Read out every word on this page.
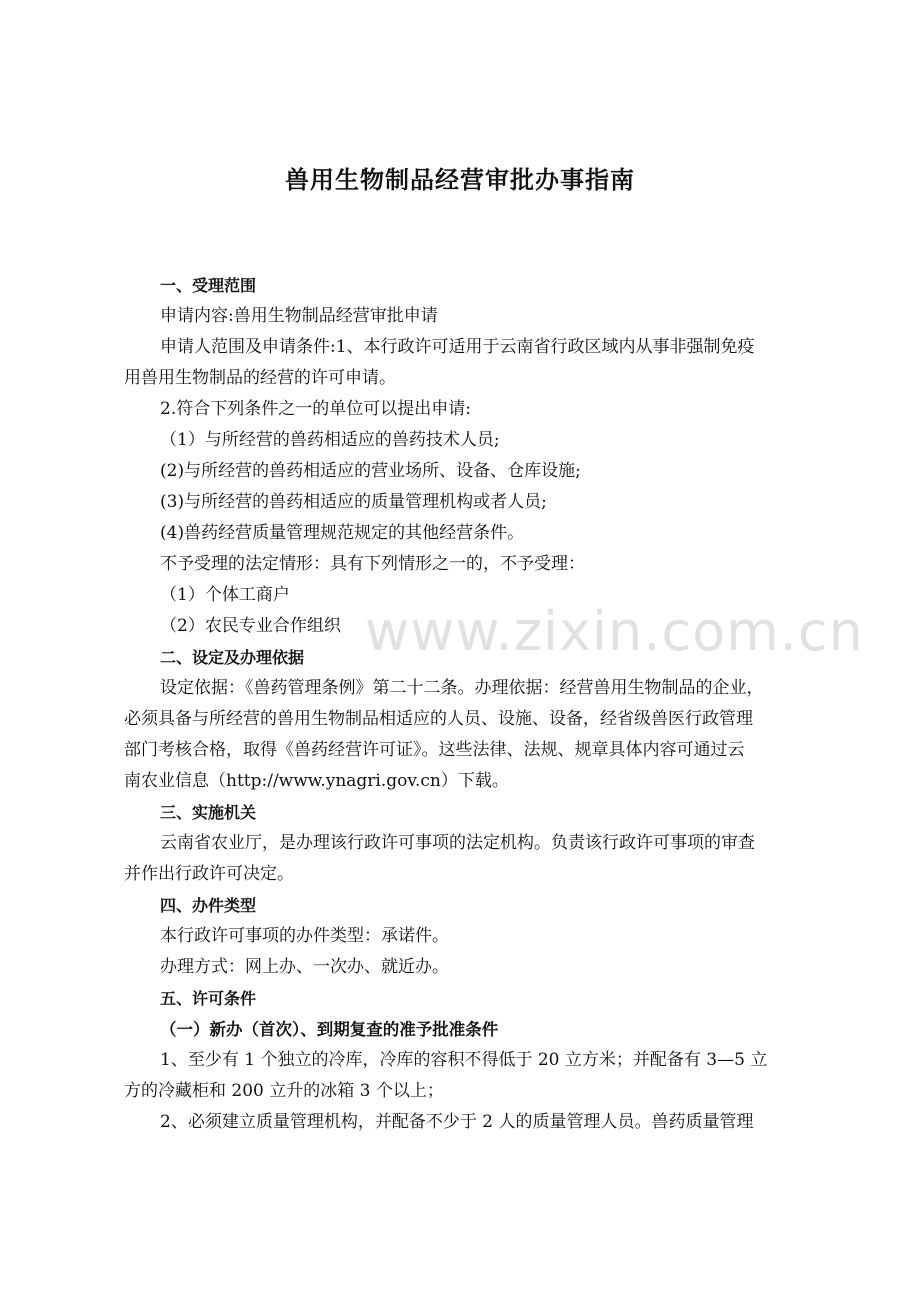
兽用生物制品经营审批办事指南
www.zixin.com.cn
一、受理范围
申请内容:兽用生物制品经营审批申请
申请人范围及申请条件:1、本行政许可适用于云南省行政区域内从事非强制免疫
用兽用生物制品的经营的许可申请。
2.符合下列条件之一的单位可以提出申请:
（1）与所经营的兽药相适应的兽药技术人员;
(2)与所经营的兽药相适应的营业场所、设备、仓库设施;
(3)与所经营的兽药相适应的质量管理机构或者人员;
(4)兽药经营质量管理规范规定的其他经营条件。
不予受理的法定情形：具有下列情形之一的，不予受理：
（1）个体工商户
（2）农民专业合作组织
二、设定及办理依据
设定依据：《兽药管理条例》第二十二条。办理依据：经营兽用生物制品的企业，
必须具备与所经营的兽用生物制品相适应的人员、设施、设备，经省级兽医行政管理
部门考核合格，取得《兽药经营许可证》。这些法律、法规、规章具体内容可通过云
南农业信息（http://www.ynagri.gov.cn）下载。
三、实施机关
云南省农业厅，是办理该行政许可事项的法定机构。负责该行政许可事项的审查
并作出行政许可决定。
四、办件类型
本行政许可事项的办件类型：承诺件。
办理方式：网上办、一次办、就近办。
五、许可条件
（一）新办（首次）、到期复查的准予批准条件
1、至少有 1 个独立的冷库，冷库的容积不得低于 20 立方米；并配备有 3—5 立
方的冷藏柜和 200 立升的冰箱 3 个以上；
2、必须建立质量管理机构，并配备不少于 2 人的质量管理人员。兽药质量管理
